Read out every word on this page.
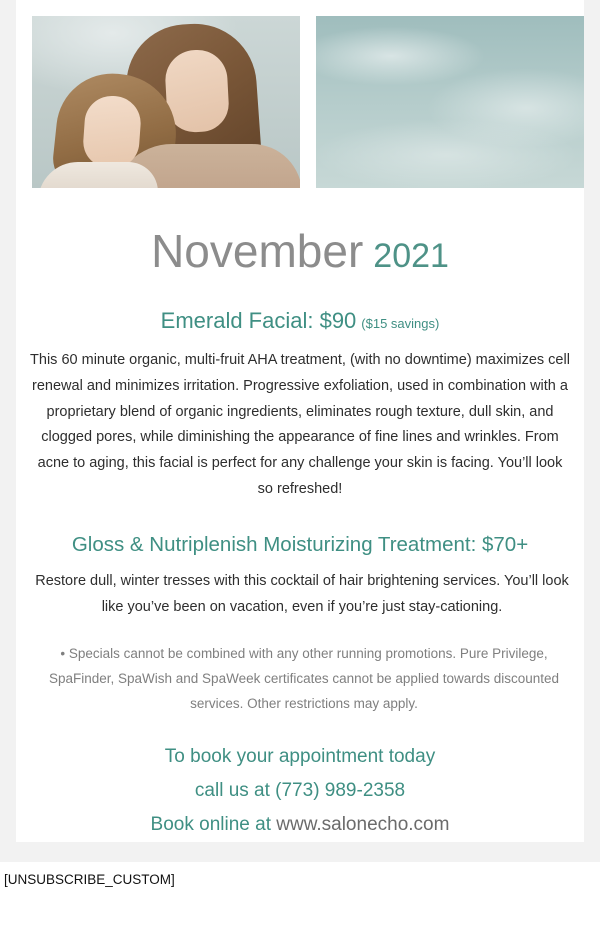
November 2021
Emerald Facial: $90 ($15 savings)
This 60 minute organic, multi-fruit AHA treatment, (with no downtime) maximizes cell renewal and minimizes irritation. Progressive exfoliation, used in combination with a proprietary blend of organic ingredients, eliminates rough texture, dull skin, and clogged pores, while diminishing the appearance of fine lines and wrinkles. From acne to aging, this facial is perfect for any challenge your skin is facing. You’ll look so refreshed!
Gloss & Nutriplenish Moisturizing Treatment: $70+
Restore dull, winter tresses with this cocktail of hair brightening services. You’ll look like you’ve been on vacation, even if you’re just stay-cationing.
• Specials cannot be combined with any other running promotions. Pure Privilege, SpaFinder, SpaWish and SpaWeek certificates cannot be applied towards discounted services. Other restrictions may apply.
To book your appointment today
call us at (773) 989-2358
Book online at www.salonecho.com
[UNSUBSCRIBE_CUSTOM]
